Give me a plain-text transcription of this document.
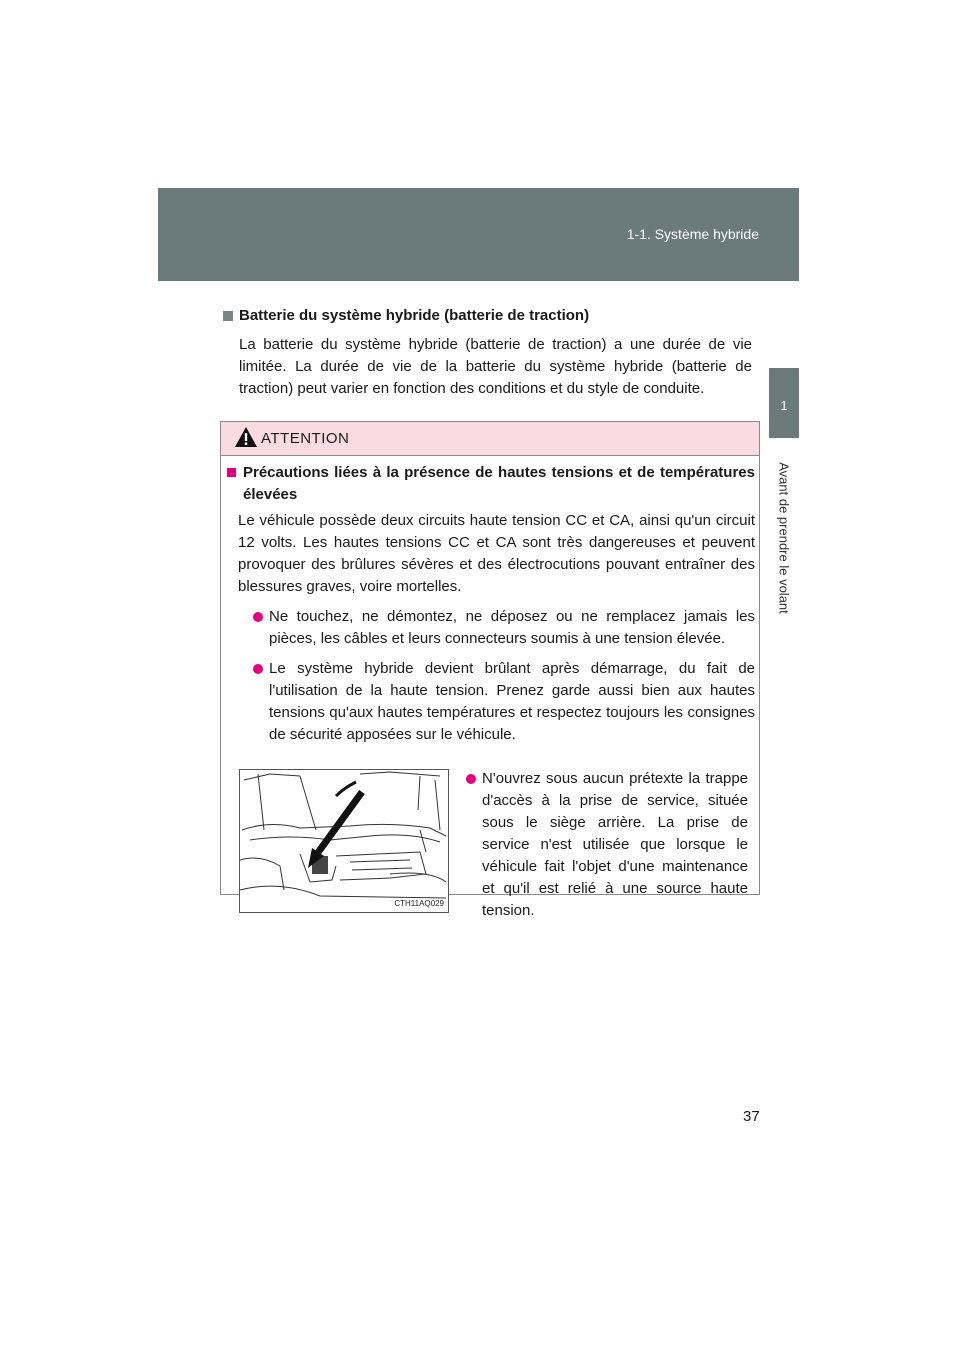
1-1. Système hybride
1
Avant de prendre le volant
Batterie du système hybride (batterie de traction)
La batterie du système hybride (batterie de traction) a une durée de vie limitée. La durée de vie de la batterie du système hybride (batterie de traction) peut varier en fonction des conditions et du style de conduite.
ATTENTION
Précautions liées à la présence de hautes tensions et de températures élevées
Le véhicule possède deux circuits haute tension CC et CA, ainsi qu'un circuit 12 volts. Les hautes tensions CC et CA sont très dangereuses et peuvent provoquer des brûlures sévères et des électrocutions pouvant entraîner des blessures graves, voire mortelles.
Ne touchez, ne démontez, ne déposez ou ne remplacez jamais les pièces, les câbles et leurs connecteurs soumis à une tension élevée.
Le système hybride devient brûlant après démarrage, du fait de l'utilisation de la haute tension. Prenez garde aussi bien aux hautes tensions qu'aux hautes températures et respectez toujours les consignes de sécurité apposées sur le véhicule.
N'ouvrez sous aucun prétexte la trappe d'accès à la prise de service, située sous le siège arrière. La prise de service n'est utilisée que lorsque le véhicule fait l'objet d'une maintenance et qu'il est relié à une source haute tension.
CTH11AQ029
37
